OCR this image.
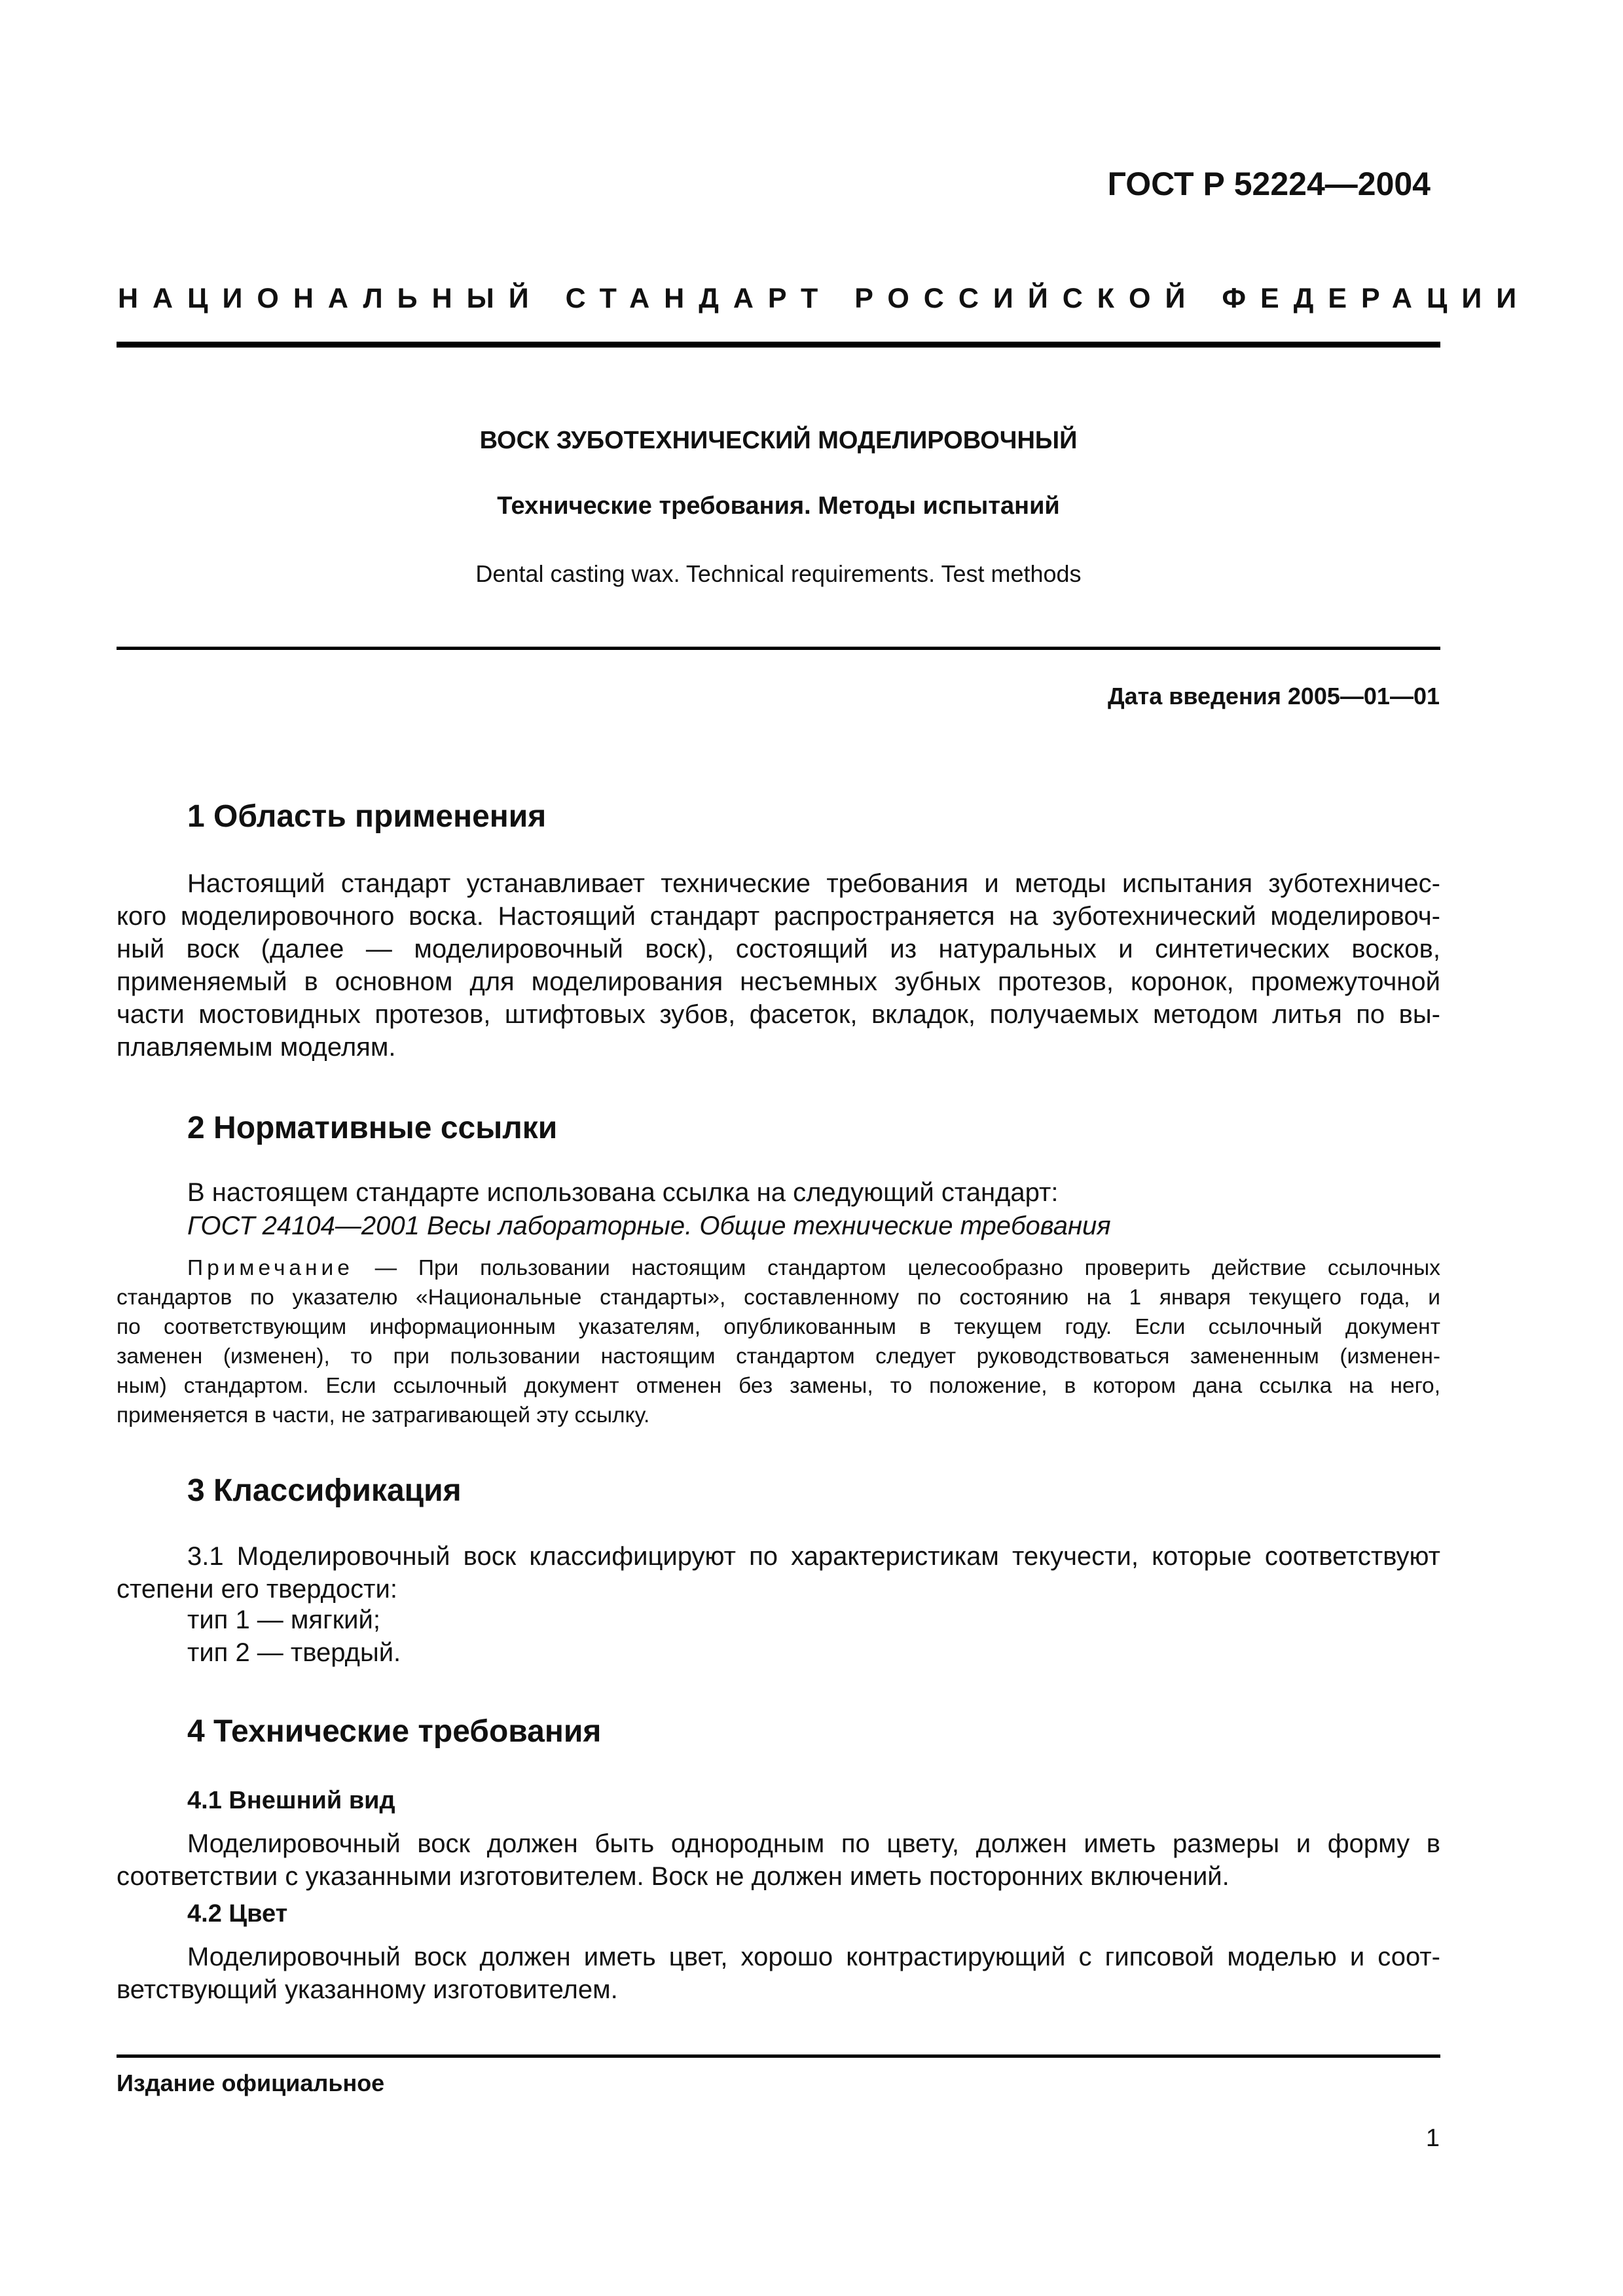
ГОСТ Р 52224—2004
НАЦИОНАЛЬНЫЙ СТАНДАРТ РОССИЙСКОЙ ФЕДЕРАЦИИ
ВОСК ЗУБОТЕХНИЧЕСКИЙ МОДЕЛИРОВОЧНЫЙ
Технические требования. Методы испытаний
Dental casting wax. Technical requirements. Test methods
Дата введения 2005—01—01
1 Область применения
Настоящий стандарт устанавливает технические требования и методы испытания зуботехничес-
кого моделировочного воска. Настоящий стандарт распространяется на зуботехнический моделировоч-
ный воск (далее — моделировочный воск), состоящий из натуральных и синтетических восков,
применяемый в основном для моделирования несъемных зубных протезов, коронок, промежуточной
части мостовидных протезов, штифтовых зубов, фасеток, вкладок, получаемых методом литья по вы-
плавляемым моделям.
2 Нормативные ссылки
В настоящем стандарте использована ссылка на следующий стандарт:
ГОСТ 24104—2001 Весы лабораторные. Общие технические требования
Примечание — При пользовании настоящим стандартом целесообразно проверить действие ссылочных
стандартов по указателю «Национальные стандарты», составленному по состоянию на 1 января текущего года, и
по соответствующим информационным указателям, опубликованным в текущем году. Если ссылочный документ
заменен (изменен), то при пользовании настоящим стандартом следует руководствоваться замененным (изменен-
ным) стандартом. Если ссылочный документ отменен без замены, то положение, в котором дана ссылка на него,
применяется в части, не затрагивающей эту ссылку.
3 Классификация
3.1 Моделировочный воск классифицируют по характеристикам текучести, которые соответствуют
степени его твердости:
тип 1 — мягкий;
тип 2 — твердый.
4 Технические требования
4.1 Внешний вид
Моделировочный воск должен быть однородным по цвету, должен иметь размеры и форму в
соответствии с указанными изготовителем. Воск не должен иметь посторонних включений.
4.2 Цвет
Моделировочный воск должен иметь цвет, хорошо контрастирующий с гипсовой моделью и соот-
ветствующий указанному изготовителем.
Издание официальное
1
